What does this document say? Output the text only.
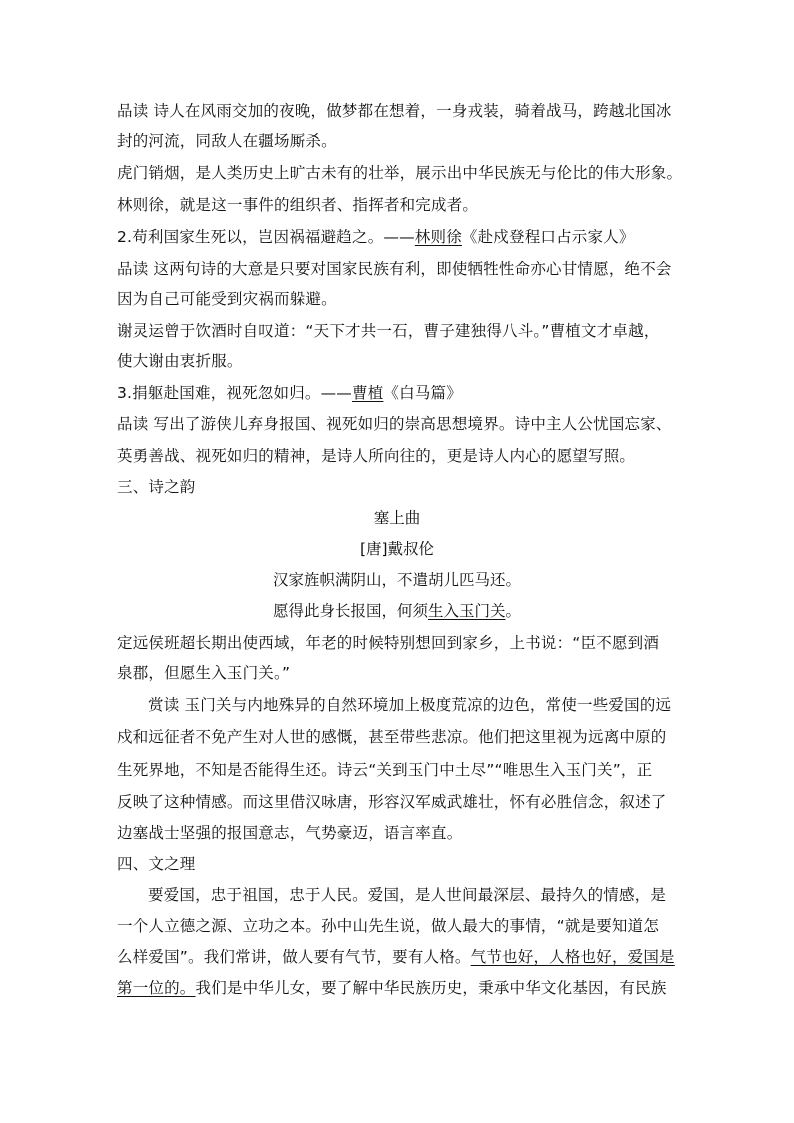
品读 诗人在风雨交加的夜晚，做梦都在想着，一身戎装，骑着战马，跨越北国冰
封的河流，同敌人在疆场厮杀。
虎门销烟，是人类历史上旷古未有的壮举，展示出中华民族无与伦比的伟大形象。
林则徐，就是这一事件的组织者、指挥者和完成者。
2.苟利国家生死以，岂因祸福避趋之。——林则徐《赴戍登程口占示家人》
品读 这两句诗的大意是只要对国家民族有利，即使牺牲性命亦心甘情愿，绝不会
因为自己可能受到灾祸而躲避。
谢灵运曾于饮酒时自叹道：“天下才共一石，曹子建独得八斗。”曹植文才卓越，
使大谢由衷折服。
3.捐躯赴国难，视死忽如归。——曹植《白马篇》
品读 写出了游侠儿弃身报国、视死如归的崇高思想境界。诗中主人公忧国忘家、
英勇善战、视死如归的精神，是诗人所向往的，更是诗人内心的愿望写照。
三、诗之韵
塞上曲
[唐]戴叔伦
汉家旌帜满阴山，不遣胡儿匹马还。
愿得此身长报国，何须生入玉门关。
定远侯班超长期出使西域，年老的时候特别想回到家乡，上书说：“臣不愿到酒
泉郡，但愿生入玉门关。”
赏读 玉门关与内地殊异的自然环境加上极度荒凉的边色，常使一些爱国的远
戍和远征者不免产生对人世的感慨，甚至带些悲凉。他们把这里视为远离中原的
生死界地，不知是否能得生还。诗云“关到玉门中土尽”“唯思生入玉门关”，正
反映了这种情感。而这里借汉咏唐，形容汉军威武雄壮，怀有必胜信念，叙述了
边塞战士坚强的报国意志，气势豪迈，语言率直。
四、文之理
要爱国，忠于祖国，忠于人民。爱国，是人世间最深层、最持久的情感，是
一个人立德之源、立功之本。孙中山先生说，做人最大的事情，“就是要知道怎
么样爱国”。我们常讲，做人要有气节，要有人格。气节也好，人格也好，爱国是
第一位的。我们是中华儿女，要了解中华民族历史，秉承中华文化基因，有民族
